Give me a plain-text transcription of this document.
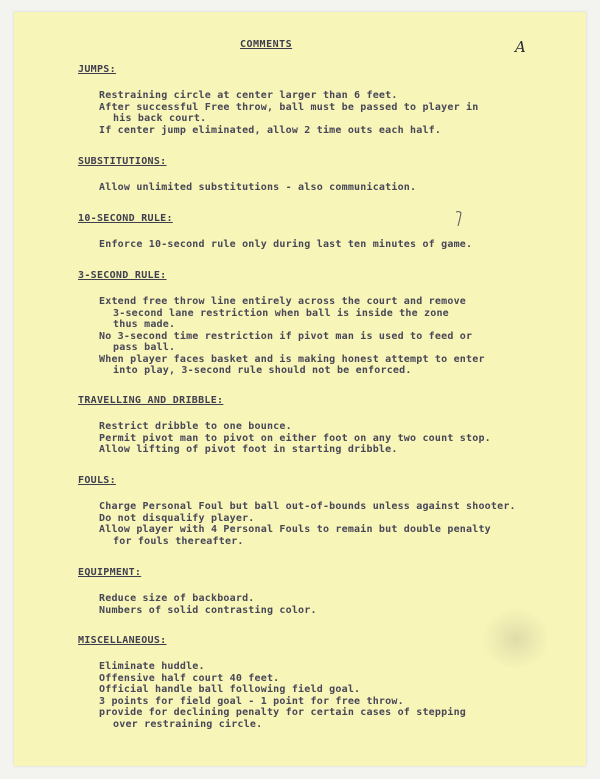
COMMENTS	A
JUMPS:
Restraining circle at center larger than 6 feet.
After successful Free throw, ball must be passed to player in
his back court.
If center jump eliminated, allow 2 time outs each half.
SUBSTITUTIONS:
Allow unlimited substitutions - also communication.
10-SECOND RULE:
Enforce 10-second rule only during last ten minutes of game.
3-SECOND RULE:
Extend free throw line entirely across the court and remove
3-second lane restriction when ball is inside the zone
thus made.
No 3-second time restriction if pivot man is used to feed or
pass ball.
When player faces basket and is making honest attempt to enter
into play, 3-second rule should not be enforced.
TRAVELLING AND DRIBBLE:
Restrict dribble to one bounce.
Permit pivot man to pivot on either foot on any two count stop.
Allow lifting of pivot foot in starting dribble.
FOULS:
Charge Personal Foul but ball out-of-bounds unless against shooter.
Do not disqualify player.
Allow player with 4 Personal Fouls to remain but double penalty
for fouls thereafter.
EQUIPMENT:
Reduce size of backboard.
Numbers of solid contrasting color.
MISCELLANEOUS:
Eliminate huddle.
Offensive half court 40 feet.
Official handle ball following field goal.
3 points for field goal - 1 point for free throw.
provide for declining penalty for certain cases of stepping
over restraining circle.
